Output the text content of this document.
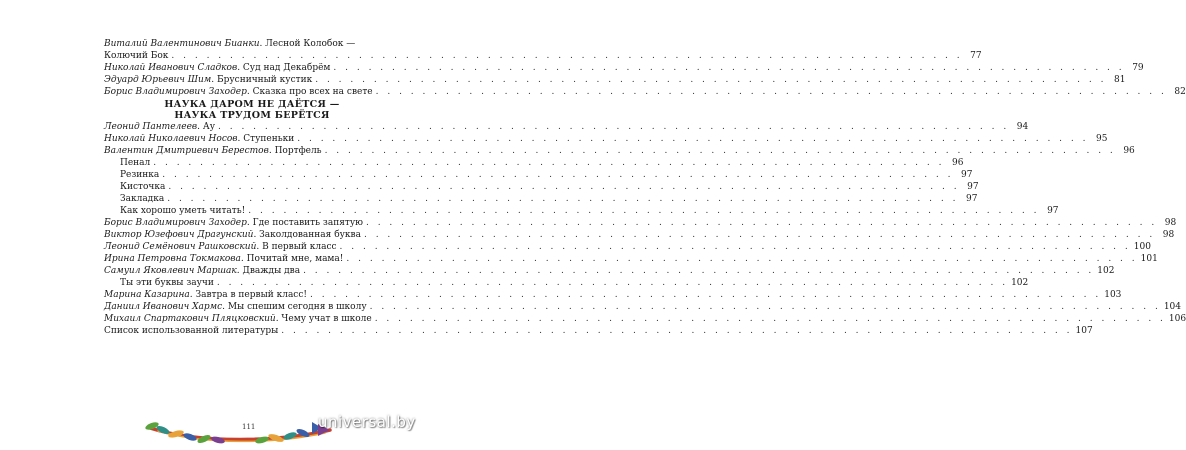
Виталий Валентинович Бианки. Лесной Колобок —
Колючий Бок . . .	77
Николай Иванович Сладков. Суд над Декабрём . . .	79
Эдуард Юрьевич Шим. Брусничный кустик . . .	81
Борис Владимирович Заходер. Сказка про всех на свете . . .	82
НАУКА ДАРОМ НЕ ДАЁТСЯ —
НАУКА ТРУДОМ БЕРЁТСЯ
Леонид Пантелеев. Ау . . .	94
Николай Николаевич Носов. Ступеньки . . .	95
Валентин Дмитриевич Берестов. Портфель . . .	96
Пенал . . .	96
Резинка . . .	97
Кисточка . . .	97
Закладка . . .	97
Как хорошо уметь читать! . . .	97
Борис Владимирович Заходер. Где поставить запятую . . .	98
Виктор Юзефович Драгунский. Заколдованная буква . . .	98
Леонид Семёнович Рашковский. В первый класс . . .	100
Ирина Петровна Токмакова. Почитай мне, мама! . . .	101
Самуил Яковлевич Маршак. Дважды два . . .	102
Ты эти буквы заучи . . .	102
Марина Казарина. Завтра в первый класс! . . .	103
Даниил Иванович Хармс. Мы спешим сегодня в школу . . .	104
Михаил Спартакович Пляцковский. Чему учат в школе . . .	106
Список использованной литературы . . .	107
111	universal.by
